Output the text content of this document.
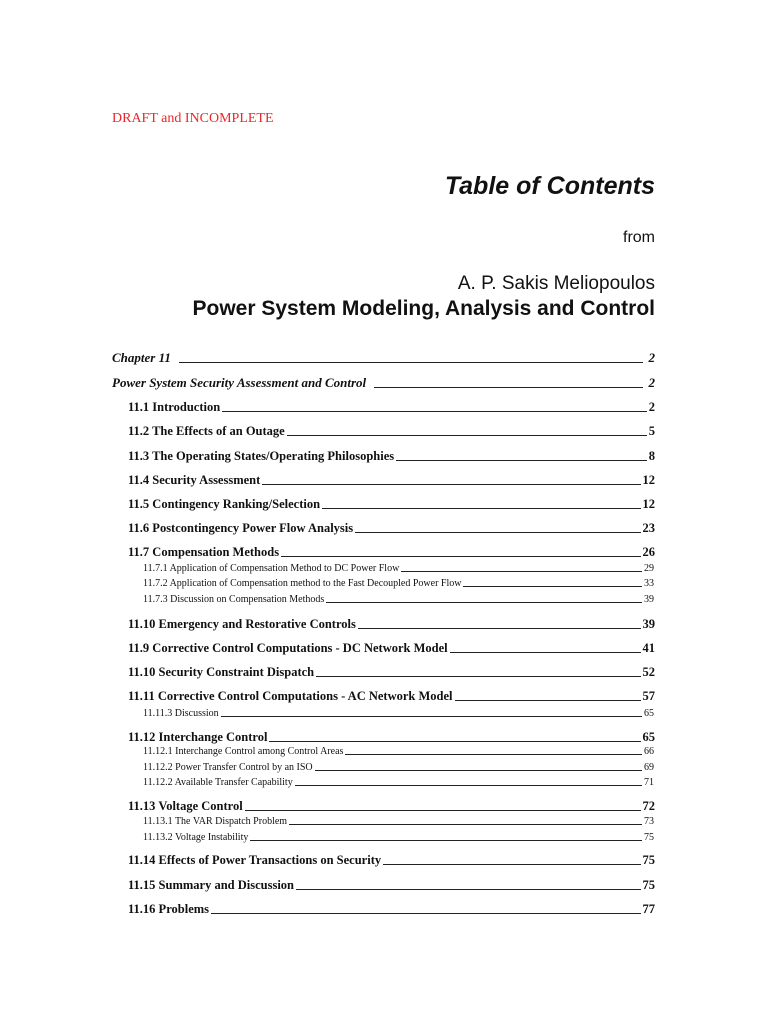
DRAFT and INCOMPLETE
Table of Contents
from
A. P. Sakis Meliopoulos
Power System Modeling, Analysis and Control
Chapter 11	2
Power System Security Assessment and Control	2
11.1 Introduction	2
11.2 The Effects of an Outage	5
11.3 The Operating States/Operating Philosophies	8
11.4 Security Assessment	12
11.5 Contingency Ranking/Selection	12
11.6 Postcontingency Power Flow Analysis	23
11.7 Compensation Methods	26
11.7.1 Application of Compensation Method to DC Power Flow	29
11.7.2 Application of Compensation method to the Fast Decoupled Power Flow	33
11.7.3 Discussion on Compensation Methods	39
11.10 Emergency and Restorative Controls	39
11.9 Corrective Control Computations - DC Network Model	41
11.10 Security Constraint Dispatch	52
11.11 Corrective Control Computations - AC Network Model	57
11.11.3 Discussion	65
11.12 Interchange Control	65
11.12.1 Interchange Control among Control Areas	66
11.12.2 Power Transfer Control by an ISO	69
11.12.2 Available Transfer Capability	71
11.13 Voltage Control	72
11.13.1 The VAR Dispatch Problem	73
11.13.2 Voltage Instability	75
11.14 Effects of Power Transactions on Security	75
11.15 Summary and Discussion	75
11.16 Problems	77
